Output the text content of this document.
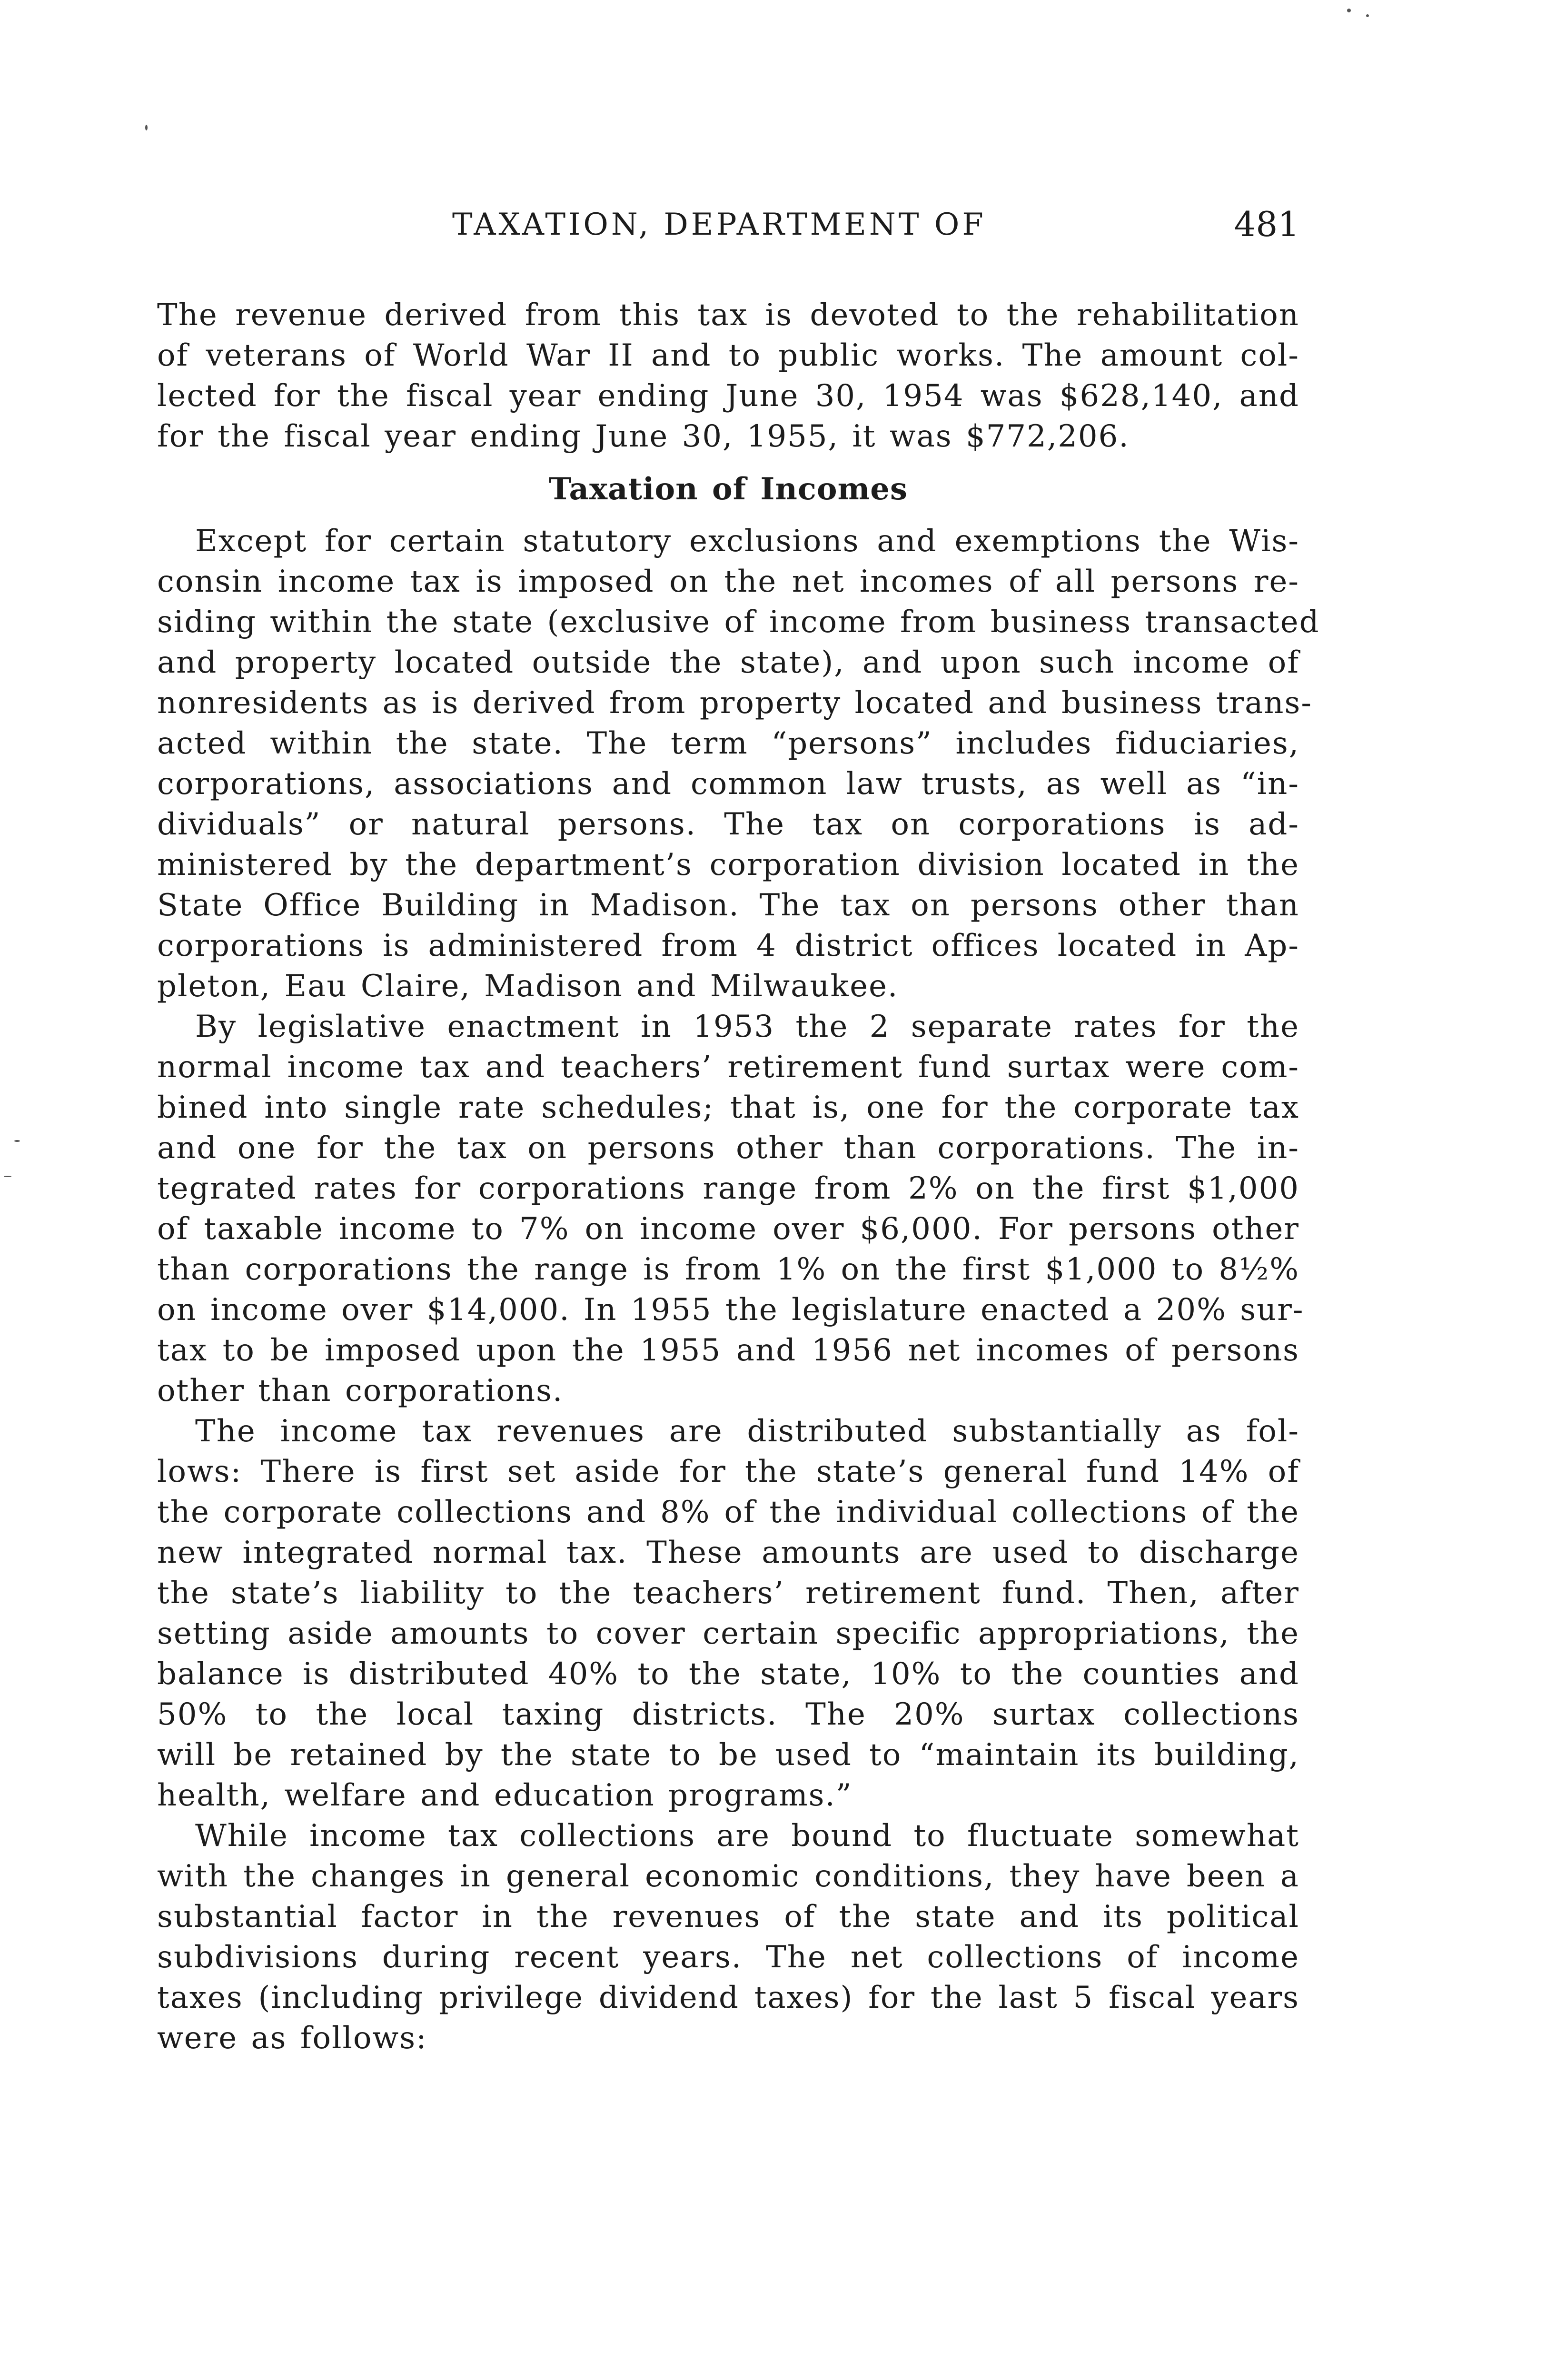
TAXATION, DEPARTMENT OF	481
The revenue derived from this tax is devoted to the rehabilitation
of veterans of World War II and to public works. The amount col-
lected for the fiscal year ending June 30, 1954 was $628,140, and
for the fiscal year ending June 30, 1955, it was $772,206.
Taxation of Incomes
Except for certain statutory exclusions and exemptions the Wis-
consin income tax is imposed on the net incomes of all persons re-
siding within the state (exclusive of income from business transacted
and property located outside the state), and upon such income of
nonresidents as is derived from property located and business trans-
acted within the state. The term “persons” includes fiduciaries,
corporations, associations and common law trusts, as well as “in-
dividuals” or natural persons. The tax on corporations is ad-
ministered by the department’s corporation division located in the
State Office Building in Madison. The tax on persons other than
corporations is administered from 4 district offices located in Ap-
pleton, Eau Claire, Madison and Milwaukee.
By legislative enactment in 1953 the 2 separate rates for the
normal income tax and teachers’ retirement fund surtax were com-
bined into single rate schedules; that is, one for the corporate tax
and one for the tax on persons other than corporations. The in-
tegrated rates for corporations range from 2% on the first $1,000
of taxable income to 7% on income over $6,000. For persons other
than corporations the range is from 1% on the first $1,000 to 8½%
on income over $14,000. In 1955 the legislature enacted a 20% sur-
tax to be imposed upon the 1955 and 1956 net incomes of persons
other than corporations.
The income tax revenues are distributed substantially as fol-
lows: There is first set aside for the state’s general fund 14% of
the corporate collections and 8% of the individual collections of the
new integrated normal tax. These amounts are used to discharge
the state’s liability to the teachers’ retirement fund. Then, after
setting aside amounts to cover certain specific appropriations, the
balance is distributed 40% to the state, 10% to the counties and
50% to the local taxing districts. The 20% surtax collections
will be retained by the state to be used to “maintain its building,
health, welfare and education programs.”
While income tax collections are bound to fluctuate somewhat
with the changes in general economic conditions, they have been a
substantial factor in the revenues of the state and its political
subdivisions during recent years. The net collections of income
taxes (including privilege dividend taxes) for the last 5 fiscal years
were as follows:
